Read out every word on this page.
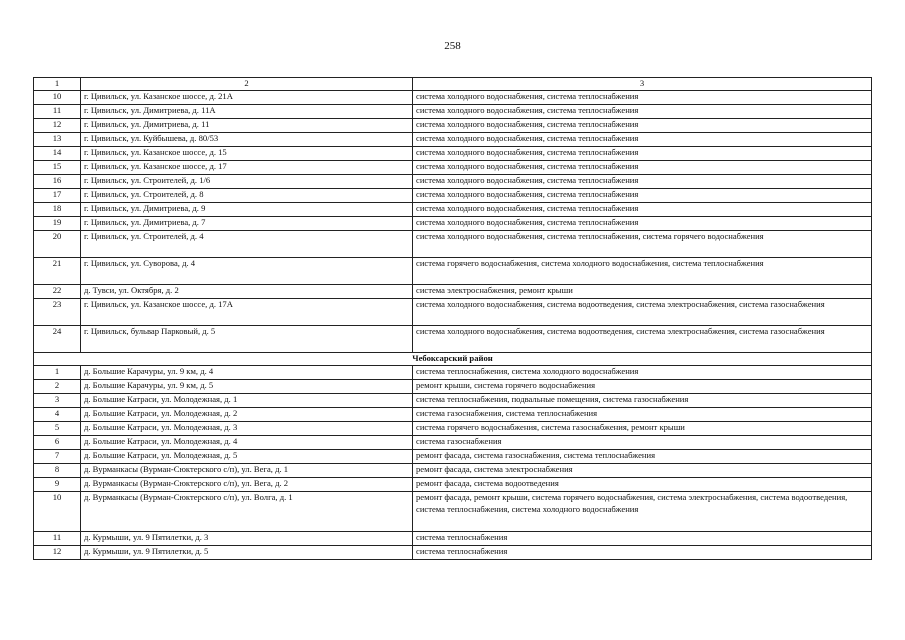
258
1	2	3
10	г. Цивильск, ул. Казанское шоссе, д. 21А	система холодного водоснабжения, система теплоснабжения
11	г. Цивильск, ул. Димитриева, д. 11А	система холодного водоснабжения, система теплоснабжения
12	г. Цивильск, ул. Димитриева, д. 11	система холодного водоснабжения, система теплоснабжения
13	г. Цивильск, ул. Куйбышева, д. 80/53	система холодного водоснабжения, система теплоснабжения
14	г. Цивильск, ул. Казанское шоссе, д. 15	система холодного водоснабжения, система теплоснабжения
15	г. Цивильск, ул. Казанское шоссе, д. 17	система холодного водоснабжения, система теплоснабжения
16	г. Цивильск, ул. Строителей, д. 1/6	система холодного водоснабжения, система теплоснабжения
17	г. Цивильск, ул. Строителей, д. 8	система холодного водоснабжения, система теплоснабжения
18	г. Цивильск, ул. Димитриева, д. 9	система холодного водоснабжения, система теплоснабжения
19	г. Цивильск, ул. Димитриева, д. 7	система холодного водоснабжения, система теплоснабжения
20	г. Цивильск, ул. Строителей, д. 4	система холодного водоснабжения, система теплоснабжения, система горячего водоснабжения
21	г. Цивильск, ул. Суворова, д. 4	система горячего водоснабжения, система холодного водоснабжения, система теплоснабжения
22	д. Тувси, ул. Октября, д. 2	система электроснабжения, ремонт крыши
23	г. Цивильск, ул. Казанское шоссе, д. 17А	система холодного водоснабжения, система водоотведения, система электроснабжения, система газоснабжения
24	г. Цивильск, бульвар Парковый, д. 5	система холодного водоснабжения, система водоотведения, система электроснабжения, система газоснабжения
Чебоксарский район		
1	д. Большие Карачуры, ул. 9 км, д. 4	система теплоснабжения, система холодного водоснабжения
2	д. Большие Карачуры, ул. 9 км, д. 5	ремонт крыши, система горячего водоснабжения
3	д. Большие Катраси, ул. Молодежная, д. 1	система теплоснабжения, подвальные помещения, система газоснабжения
4	д. Большие Катраси, ул. Молодежная, д. 2	система газоснабжения, система теплоснабжения
5	д. Большие Катраси, ул. Молодежная, д. 3	система горячего водоснабжения, система газоснабжения, ремонт крыши
6	д. Большие Катраси, ул. Молодежная, д. 4	система газоснабжения
7	д. Большие Катраси, ул. Молодежная, д. 5	ремонт фасада, система газоснабжения, система теплоснабжения
8	д. Вурманкасы (Вурман-Сюктерского с/п), ул. Вега, д. 1	ремонт фасада, система электроснабжения
9	д. Вурманкасы (Вурман-Сюктерского с/п), ул. Вега, д. 2	ремонт фасада, система водоотведения
10	д. Вурманкасы (Вурман-Сюктерского с/п), ул. Волга, д. 1	ремонт фасада, ремонт крыши, система горячего водоснабжения, система электроснабжения, система водоотведения, система теплоснабжения, система холодного водоснабжения
11	д. Курмыши, ул. 9 Пятилетки, д. 3	система теплоснабжения
12	д. Курмыши, ул. 9 Пятилетки, д. 5	система теплоснабжения
